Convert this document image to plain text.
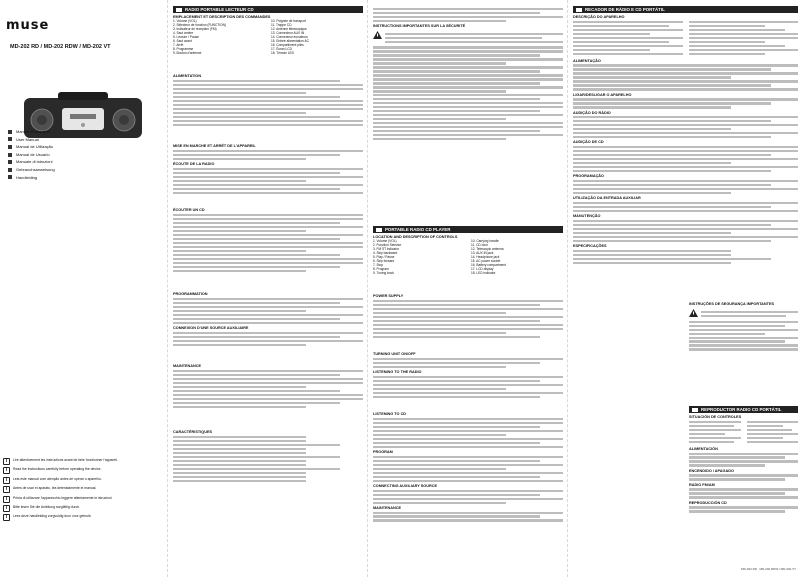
muse
MD-202 RD / MD-202 RDW / MD-202 VT
Manuel d'utilisation
User Manual
Manual de Utilização
Manual de Usuario
Manuale di istruzioni
Gebrauchsanweisung
Handleiding
i	Lire attentivement les instructions avant de faire fonctionner l'appareil.
i	Read the instructions carefully before operating the device.
i	Leia este manual com atenção antes de operar o aparelho.
i	Antes de usar el aparato, lea detenidamente el manual.
i	Prima di utilizzare l'apparecchio leggere attentamente le istruzioni.
i	Bitte lesen Sie die Anleitung sorgfältig durch.
i	Lees deze handleiding zorgvuldig door voor gebruik.
RADIO PORTABLE LECTEUR CD
EMPLACEMENT ET DESCRIPTION DES COMMANDES
1. Volume (VOL)
2. Sélecteur de fonction (FUNCTION)
3. Indicateur de réception (FM)
4. Saut arrière
5. Lecture / Pause
6. Saut avant
7. Arrêt
8. Programme
9. Bouton d'antenne
10. Poignée de transport
11. Trappe CD
12. Antenne télescopique
13. Connecteur AUX IN
14. Connecteur écouteurs
15. Entrée alimentation AC
16. Compartiment piles
17. Écran LCD
18. Témoin LED
ALIMENTATION
MISE EN MARCHE ET ARRÊT DE L'APPAREIL
ÉCOUTE DE LA RADIO
ÉCOUTER UN CD
PROGRAMMATION
CONNEXION D'UNE SOURCE AUXILIAIRE
MAINTENANCE
CARACTÉRISTIQUES
INSTRUCTIONS IMPORTANTES SUR LA SÉCURITÉ
PORTABLE RADIO CD PLAYER
LOCATION AND DESCRIPTION OF CONTROLS
1. Volume (VOL)
2. Function Selector
3. FM ST indicator
4. Skip backward
5. Play / Pause
6. Skip forward
7. Stop
8. Program
9. Tuning knob
10. Carrying handle
11. CD door
12. Telescopic antenna
13. AUX IN jack
14. Headphone jack
15. AC power socket
16. Battery compartment
17. LCD display
18. LED indicator
POWER SUPPLY
TURNING UNIT ON/OFF
LISTENING TO THE RADIO
LISTENING TO CD
PROGRAM
CONNECTING AUXILIARY SOURCE
MAINTENANCE
RECADOR DE RÁDIO E CD PORTÁTIL
DESCRIÇÃO DO APARELHO
ALIMENTAÇÃO
LIGAR/DESLIGAR O APARELHO
AUDIÇÃO DO RÁDIO
AUDIÇÃO DE CD
PROGRAMAÇÃO
UTILIZAÇÃO DA ENTRADA AUXILIAR
MANUTENÇÃO
ESPECIFICAÇÕES
INSTRUÇÕES DE SEGURANÇA IMPORTANTES
REPRODUCTOR RADIO CD PORTÁTIL
SITUACIÓN DE CONTROLES
ALIMENTACIÓN
ENCENDIDO / APAGADO
RADIO FM/AM
REPRODUCCIÓN CD
MD-202 RD MD-202 RDW / MD-202 VT
